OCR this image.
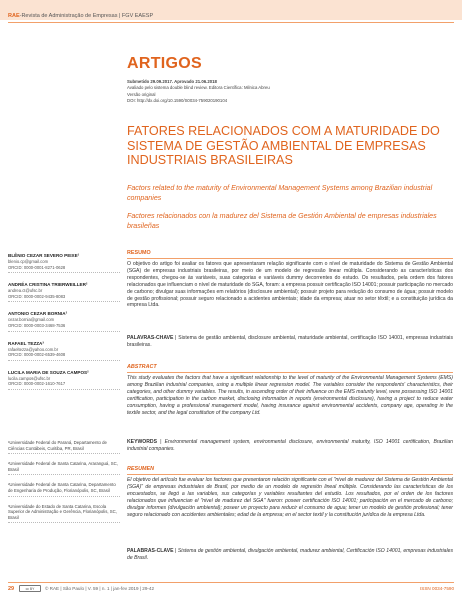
RAE-Revista de Administração de Empresas | FGV EAESP
ARTIGOS
Submetido 29.09.2017. Aprovado 21.06.2018
Avaliado pelo sistema double blind review. Editora Científica: Milnica Abreu
Versão original
DOI: http://dx.doi.org/10.1590/S0034-759020190104
FATORES RELACIONADOS COM A MATURIDADE DO SISTEMA DE GESTÃO AMBIENTAL DE EMPRESAS INDUSTRIAIS BRASILEIRAS
Factors related to the maturity of Environmental Management Systems among Brazilian industrial companies
Factores relacionados con la madurez del Sistema de Gestión Ambiental de empresas industriales brasileñas
BLÊNIO CEZAR SEVERO PEIXE¹
blenio.cp@gmail.com
ORCID: 0000-0001-8271-0628
ANDRÉA CRISTINA TRIERWEILLER²
andrea.ct@ufsc.br
ORCID: 0000-0002-9435-8083
ANTONIO CEZAR BORNIA²
cezar.bornia@gmail.com
ORCID: 0000-0003-3468-7536
RAFAEL TEZZA³
rafaeltezza@yahoo.com.br
ORCID: 0000-0002-6539-4608
LUCILA MARIA DE SOUZA CAMPOS²
lucila.campos@ufsc.br
ORCID: 0000-0002-1610-7617
¹Universidade Federal do Paraná, Departamento de Ciências Contábeis, Curitiba, PR, Brasil
²Universidade Federal de Santa Catarina, Araranguá, SC, Brasil
²Universidade Federal de Santa Catarina, Departamento de Engenharia de Produção, Florianópolis, SC, Brasil
³Universidade do Estado de Santa Catarina, Escola Superior de Administração e Gerência, Florianópolis, SC, Brasil
RESUMO
O objetivo do artigo foi avaliar os fatores que apresentaram relação significante com o nível de maturidade do Sistema de Gestão Ambiental (SGA) de empresas industriais brasileiras, por meio de um modelo de regressão linear múltipla. Considerando as características dos respondentes, chegou-se às variáveis, suas categorias e variáveis dummy decorrentes do estudo. Os resultados, pela ordem dos fatores relacionados que influenciam o nível de maturidade do SGA, foram: a empresa possuir certificação ISO 14001; possuir participação no mercado de carbono; divulgar suas informações em relatórios (disclosure ambiental); possuir projeto para redução do consumo de água; possuir modelo de gestão profissional; possuir seguro relacionado a acidentes ambientais; idade da empresa; atuar no setor têxtil; e a constituição jurídica da empresa Ltda.
PALAVRAS-CHAVE | Sistema de gestão ambiental, disclosure ambiental, maturidade ambiental, certificação ISO 14001, empresas industriais brasileiras.
ABSTRACT
This study evaluates the factors that have a significant relationship to the level of maturity of the Environmental Management Systems (EMS) among Brazilian industrial companies, using a multiple linear regression model. The variables consider the respondents' characteristics, their categories, and other dummy variables. The results, in ascending order of their influence on the EMS maturity level, were possessing ISO 14001 certification, participation in the carbon market, disclosing information in reports (environmental disclosure), having a project to reduce water consumption, having a professional management model, having insurance against environmental accidents, company age, operating in the textile sector, and the legal constitution of the company Ltd.
KEYWORDS | Environmental management system, environmental disclosure, environmental maturity, ISO 14001 certification, Brazilian industrial companies.
RESUMEN
El objetivo del artículo fue evaluar los factores que presentaron relación significante con el "nivel de madurez del Sistema de Gestión Ambiental (SGA)" de empresas industriales de Brasil, por medio de un modelo de regresión lineal múltiple. Considerando las características de los encuestados, se llegó a las variables, sus categorías y variables resultantes del estudio. Los resultados, por el orden de los factores relacionados que influencian el "nivel de madurez del SGA" fueron: poseer certificación ISO 14001; participación en el mercado de carbono; divulgar informes (divulgación ambiental); poseer un proyecto para reducir el consumo de agua; tener un modelo de gestión profesional; tener seguro relacionado con accidentes ambientales; edad de la empresa; en el sector textil y la constitución jurídica de la empresa Ltda.
PALABRAS-CLAVE | Sistema de gestión ambiental, divulgación ambiental, madurez ambiental, Certificación ISO 14001, empresas industriales de Brasil.
29	cc BY	© RAE | São Paulo | V. 59 | n. 1 | jan-fev 2019 | 29-42	ISSN 0034-7590
